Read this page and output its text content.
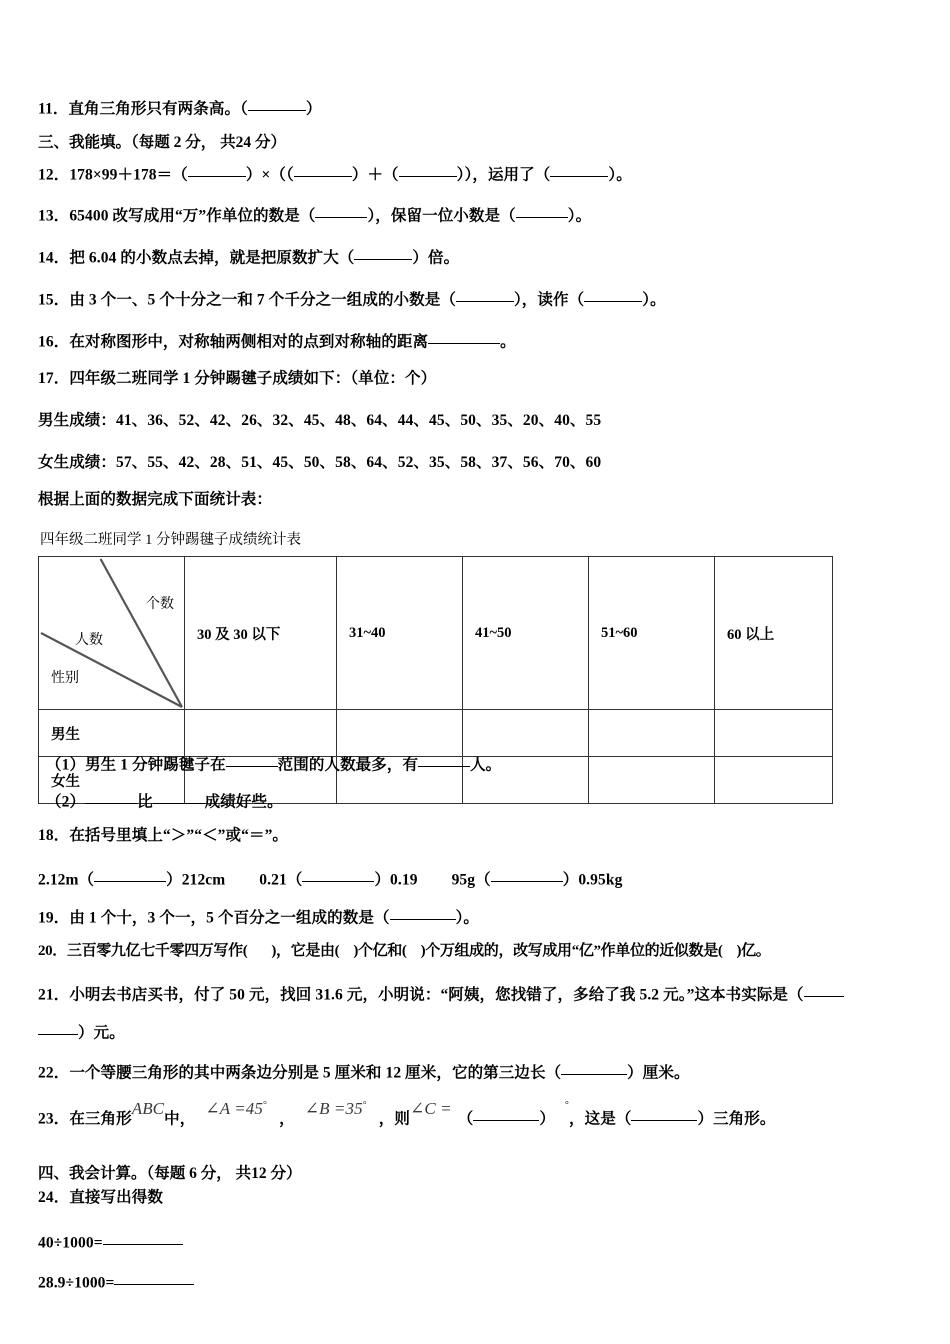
11．直角三角形只有两条高。（	）
三、我能填。（每题 2 分， 共24 分）
12．178×99＋178＝（	）×（（	）＋（	）），运用了（	）。
13．65400 改写成用“万”作单位的数是（	），保留一位小数是（	）。
14．把 6.04 的小数点去掉，就是把原数扩大（	）倍。
15．由 3 个一、5 个十分之一和 7 个千分之一组成的小数是（	），读作（	）。
16．在对称图形中，对称轴两侧相对的点到对称轴的距离	。
17．四年级二班同学 1 分钟踢毽子成绩如下：（单位：个）
男生成绩：41、36、52、42、26、32、45、48、64、44、45、50、35、20、40、55
女生成绩：57、55、42、28、51、45、50、58、64、52、35、58、37、56、70、60
根据上面的数据完成下面统计表：
四年级二班同学 1 分钟踢毽子成绩统计表
个数
人数
性别	30 及 30 以下	31~40	41~50	51~60	60 以上
男生					
女生					
（1）男生 1 分钟踢毽子在	范围的人数最多，有	人。
（2）	比	成绩好些。
18．在括号里填上“＞”“＜”或“＝”。
2.12m（	）212cm 0.21（	）0.19 95g（	）0.95kg
19．由 1 个十，3 个一，5 个百分之一组成的数是（	）。
20．三百零九亿七千零四万写作( )，它是由( )个亿和( )个万组成的，改写成用“亿”作单位的近似数是( )亿。
21．小明去书店买书，付了 50 元，找回 31.6 元，小明说：“阿姨，您找错了，多给了我 5.2 元。”这本书实际是（
）元。
22．一个等腰三角形的其中两条边分别是 5 厘米和 12 厘米，它的第三边长（	）厘米。
23．在三角形ABC中，∠A =45°，∠B =35°，则∠C =（	）°，这是（	）三角形。
四、我会计算。（每题 6 分， 共12 分）
24．直接写出得数
40÷1000=
28.9÷1000=
